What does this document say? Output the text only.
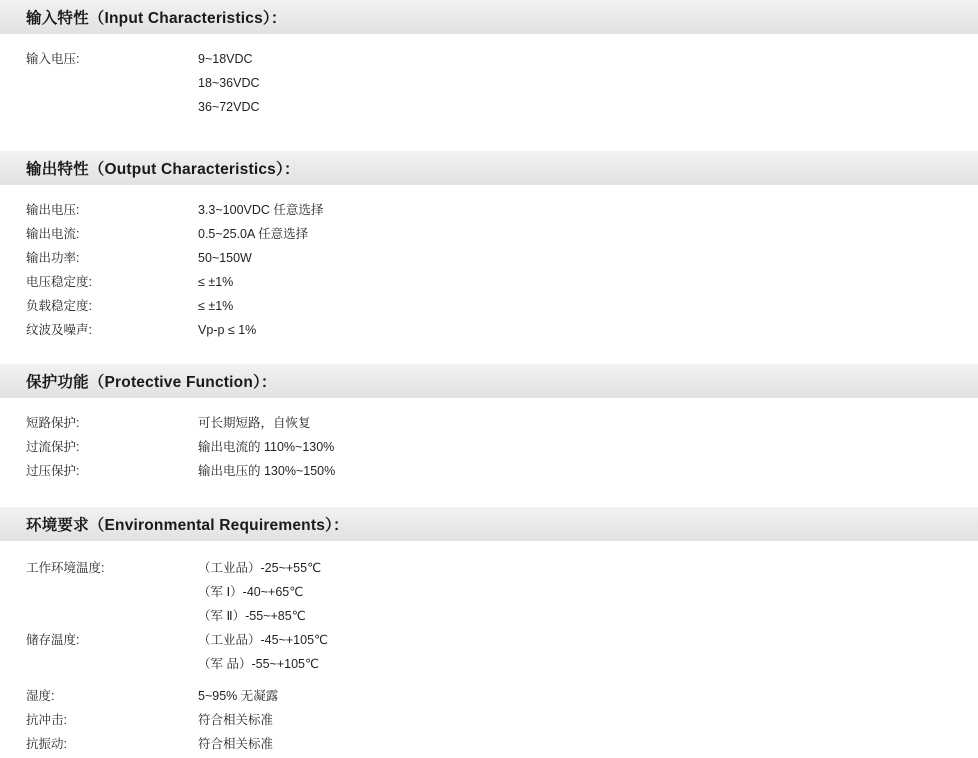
输入特性（Input Characteristics）：
输入电压:	9~18VDC
18~36VDC
36~72VDC
输出特性（Output Characteristics）：
输出电压:	3.3~100VDC 任意选择
输出电流:	0.5~25.0A 任意选择
输出功率:	50~150W
电压稳定度:	≤ ±1%
负载稳定度:	≤ ±1%
纹波及噪声:	Vp-p ≤ 1%
保护功能（Protective Function）：
短路保护:	可长期短路，自恢复
过流保护:	输出电流的 110%~130%
过压保护:	输出电压的 130%~150%
环境要求（Environmental Requirements）：
工作环境温度:	（工业品）-25~+55℃
（军 Ⅰ）-40~+65℃
（军 Ⅱ）-55~+85℃
储存温度:	（工业品）-45~+105℃
（军 品）-55~+105℃
湿度:	5~95% 无凝露
抗冲击:	符合相关标准
抗振动:	符合相关标准
